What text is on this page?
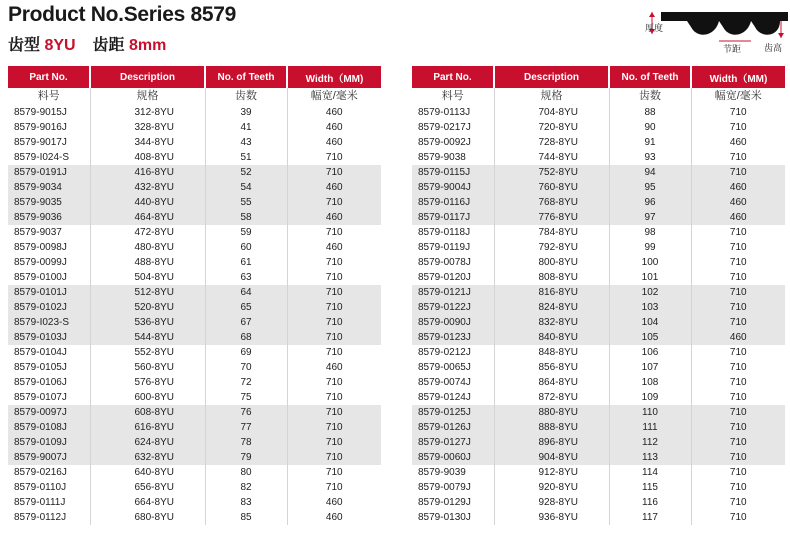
Product No.Series 8579
齿型 8YU 齿距 8mm
厚度
节距	齿高
Part No.	Description	No. of Teeth	Width（MM)
料号	规格	齿数	幅宽/毫米
8579-9015J	312-8YU	39	460
8579-9016J	328-8YU	41	460
8579-9017J	344-8YU	43	460
8579-I024-S	408-8YU	51	710
8579-0191J	416-8YU	52	710
8579-9034	432-8YU	54	460
8579-9035	440-8YU	55	710
8579-9036	464-8YU	58	460
8579-9037	472-8YU	59	710
8579-0098J	480-8YU	60	460
8579-0099J	488-8YU	61	710
8579-0100J	504-8YU	63	710
8579-0101J	512-8YU	64	710
8579-0102J	520-8YU	65	710
8579-I023-S	536-8YU	67	710
8579-0103J	544-8YU	68	710
8579-0104J	552-8YU	69	710
8579-0105J	560-8YU	70	460
8579-0106J	576-8YU	72	710
8579-0107J	600-8YU	75	710
8579-0097J	608-8YU	76	710
8579-0108J	616-8YU	77	710
8579-0109J	624-8YU	78	710
8579-9007J	632-8YU	79	710
8579-0216J	640-8YU	80	710
8579-0110J	656-8YU	82	710
8579-0111J	664-8YU	83	460
8579-0112J	680-8YU	85	460
Part No.	Description	No. of Teeth	Width（MM)
料号	规格	齿数	幅宽/毫米
8579-0113J	704-8YU	88	710
8579-0217J	720-8YU	90	710
8579-0092J	728-8YU	91	460
8579-9038	744-8YU	93	710
8579-0115J	752-8YU	94	710
8579-9004J	760-8YU	95	460
8579-0116J	768-8YU	96	460
8579-0117J	776-8YU	97	460
8579-0118J	784-8YU	98	710
8579-0119J	792-8YU	99	710
8579-0078J	800-8YU	100	710
8579-0120J	808-8YU	101	710
8579-0121J	816-8YU	102	710
8579-0122J	824-8YU	103	710
8579-0090J	832-8YU	104	710
8579-0123J	840-8YU	105	460
8579-0212J	848-8YU	106	710
8579-0065J	856-8YU	107	710
8579-0074J	864-8YU	108	710
8579-0124J	872-8YU	109	710
8579-0125J	880-8YU	110	710
8579-0126J	888-8YU	111	710
8579-0127J	896-8YU	112	710
8579-0060J	904-8YU	113	710
8579-9039	912-8YU	114	710
8579-0079J	920-8YU	115	710
8579-0129J	928-8YU	116	710
8579-0130J	936-8YU	117	710
